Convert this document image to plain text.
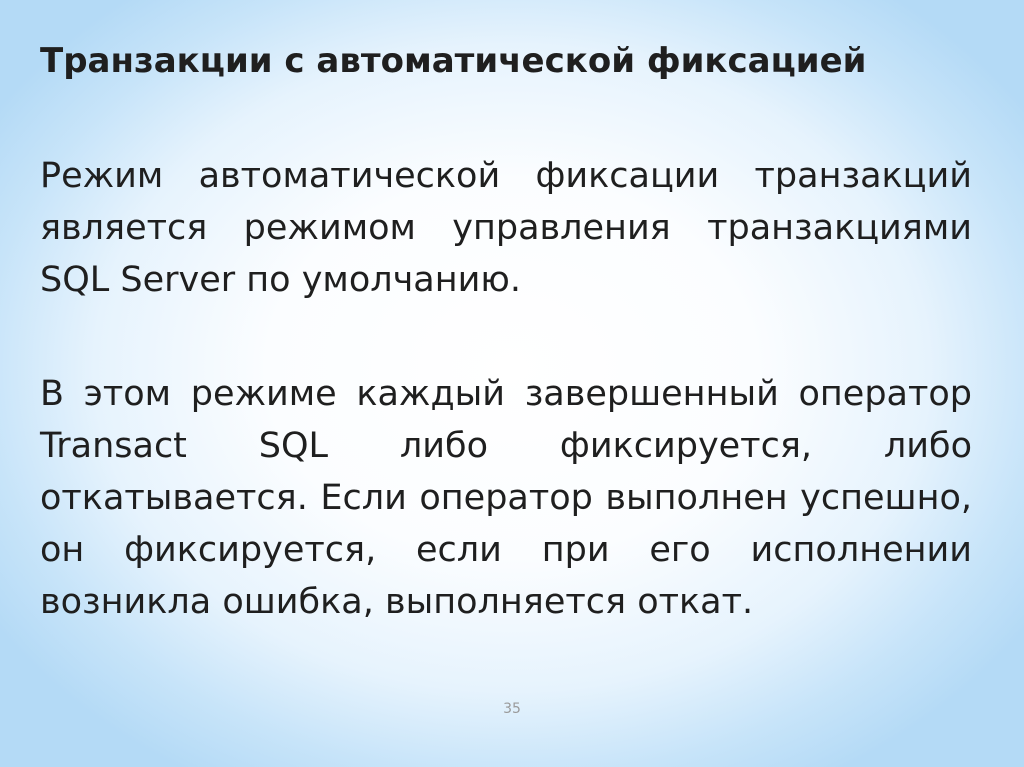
Транзакции с автоматической фиксацией

Режим автоматической фиксации транзакций является режимом управления транзакциями SQL Server по умолчанию.

В этом режиме каждый завершенный оператор Transact SQL либо фиксируется, либо откатывается. Если оператор выполнен успешно, он фиксируется, если при его исполнении возникла ошибка, выполняется откат.

35
